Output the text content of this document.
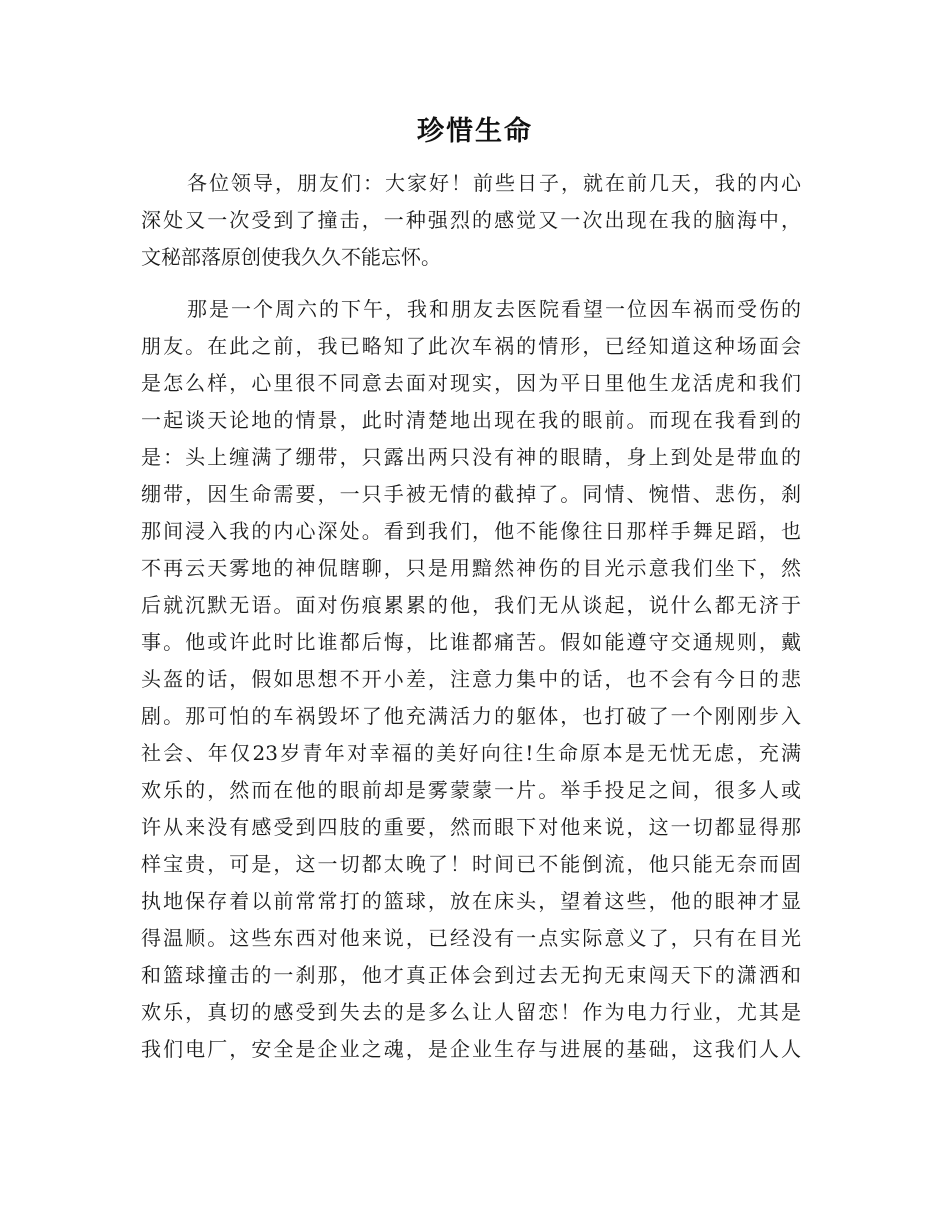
珍惜生命
各位领导，朋友们：大家好！前些日子，就在前几天，我的内心
深处又一次受到了撞击，一种强烈的感觉又一次出现在我的脑海中，
文秘部落原创使我久久不能忘怀。
那是一个周六的下午，我和朋友去医院看望一位因车祸而受伤的
朋友。在此之前，我已略知了此次车祸的情形，已经知道这种场面会
是怎么样，心里很不同意去面对现实，因为平日里他生龙活虎和我们
一起谈天论地的情景，此时清楚地出现在我的眼前。而现在我看到的
是：头上缠满了绷带，只露出两只没有神的眼睛，身上到处是带血的
绷带，因生命需要，一只手被无情的截掉了。同情、惋惜、悲伤，刹
那间浸入我的内心深处。看到我们，他不能像往日那样手舞足蹈，也
不再云天雾地的神侃瞎聊，只是用黯然神伤的目光示意我们坐下，然
后就沉默无语。面对伤痕累累的他，我们无从谈起，说什么都无济于
事。他或许此时比谁都后悔，比谁都痛苦。假如能遵守交通规则，戴
头盔的话，假如思想不开小差，注意力集中的话，也不会有今日的悲
剧。那可怕的车祸毁坏了他充满活力的躯体，也打破了一个刚刚步入
社会、年仅23岁青年对幸福的美好向往!生命原本是无忧无虑，充满
欢乐的，然而在他的眼前却是雾蒙蒙一片。举手投足之间，很多人或
许从来没有感受到四肢的重要，然而眼下对他来说，这一切都显得那
样宝贵，可是，这一切都太晚了！时间已不能倒流，他只能无奈而固
执地保存着以前常常打的篮球，放在床头，望着这些，他的眼神才显
得温顺。这些东西对他来说，已经没有一点实际意义了，只有在目光
和篮球撞击的一刹那，他才真正体会到过去无拘无束闯天下的潇洒和
欢乐，真切的感受到失去的是多么让人留恋！作为电力行业，尤其是
我们电厂，安全是企业之魂，是企业生存与进展的基础，这我们人人
